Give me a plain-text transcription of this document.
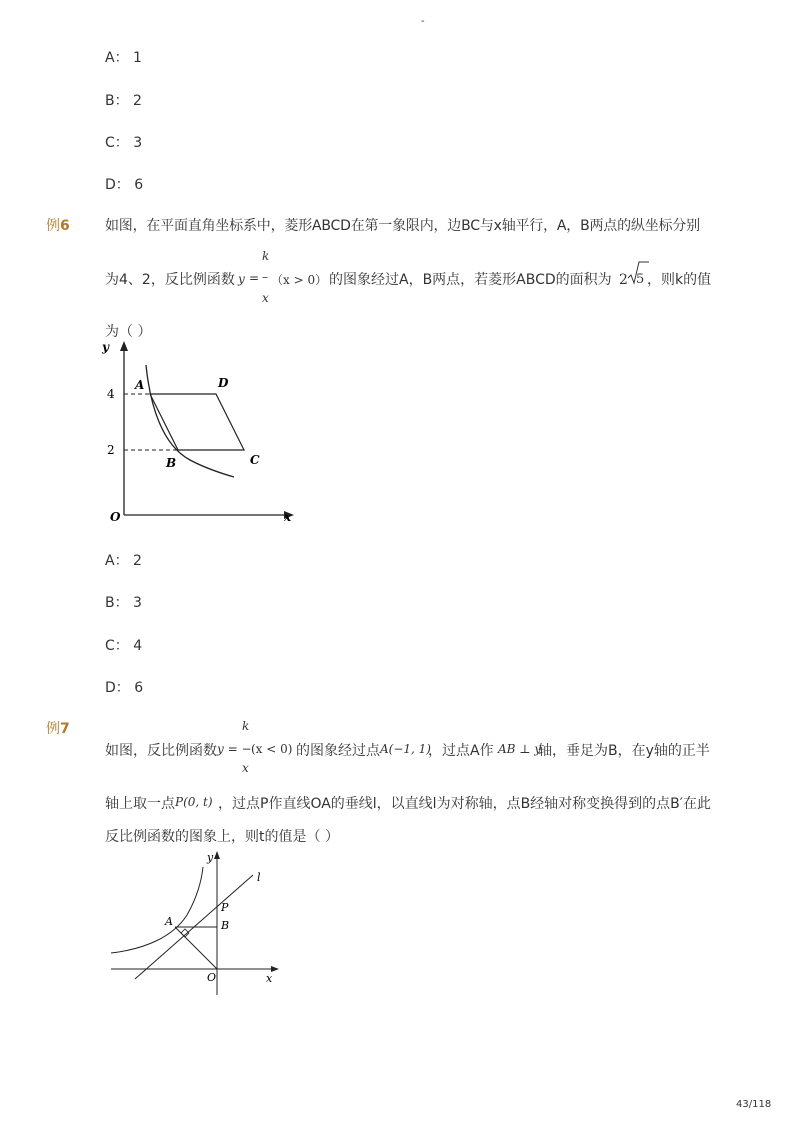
-
A： 1
B： 2
C： 3
D： 6
例6	如图，在平面直角坐标系中，菱形ABCD在第一象限内，边BC与x轴平行，A，B两点的纵坐标分别
为4、2，反比例函数 y = –
k
x
（x > 0） 的图象经过A，B两点，若菱形ABCD的面积为 2 5 ，则k的值
为（ ）
y
x
O
4
2
A	D
B	C
A： 2
B： 3
C： 4
D： 6
例7
如图，反比例函数 y = −
k
x
(x < 0) 的图象经过点 A(−1, 1)
，过点A作 AB ⊥ y
轴，垂足为B，在y轴的正半
轴上取一点 P(0, t) ，过点P作直线OA的垂线l，以直线l为对称轴，点B经轴对称变换得到的点B′在此
反比例函数的图象上，则t的值是（ ）
y
x
O
l
A	B
P
43/118
